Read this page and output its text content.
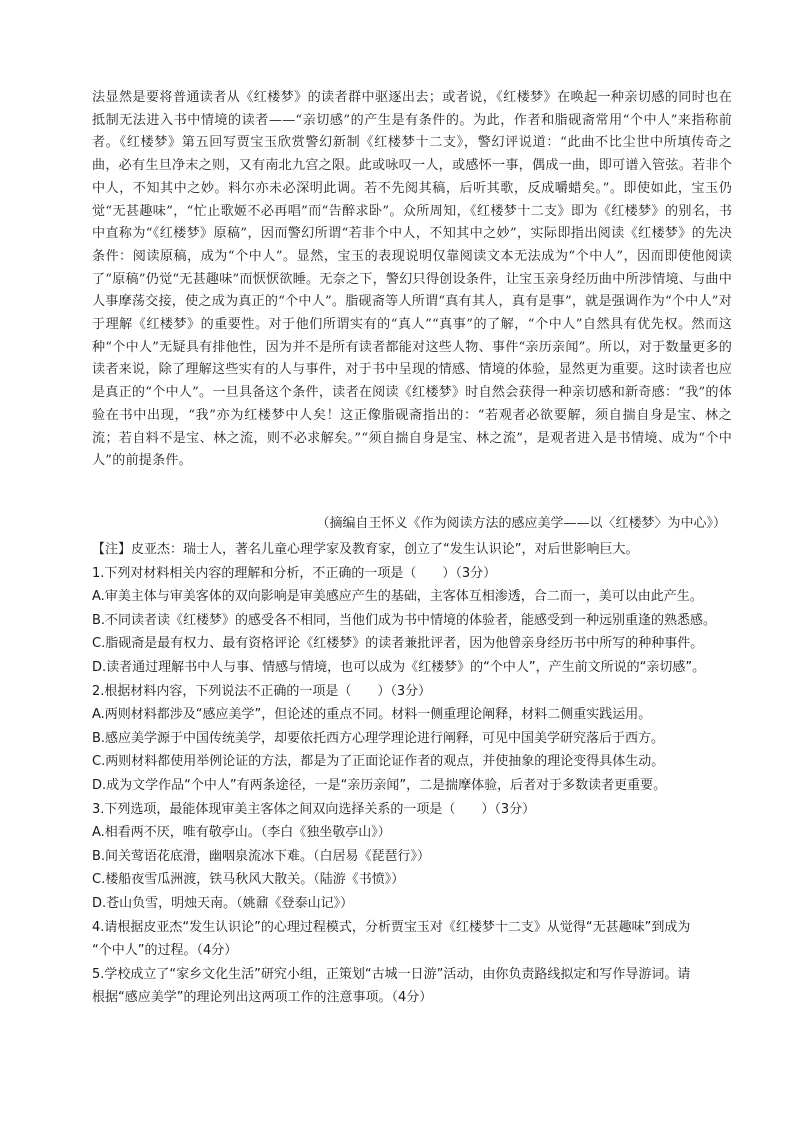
法显然是要将普通读者从《红楼梦》的读者群中驱逐出去；或者说，《红楼梦》在唤起一种亲切感的同时也在抵制无法进入书中情境的读者——“亲切感”的产生是有条件的。为此，作者和脂砚斋常用“个中人”来指称前者。《红楼梦》第五回写贾宝玉欣赏警幻新制《红楼梦十二支》，警幻评说道：“此曲不比尘世中所填传奇之曲，必有生旦净末之则，又有南北九宫之限。此或咏叹一人，或感怀一事，偶成一曲，即可谱入管弦。若非个中人，不知其中之妙。料尔亦未必深明此调。若不先阅其稿，后听其歌，反成嚼蜡矣。”。即使如此，宝玉仍觉“无甚趣味”，“忙止歌姬不必再唱”而“告醉求卧”。众所周知，《红楼梦十二支》即为《红楼梦》的别名，书中直称为“《红楼梦》原稿”，因而警幻所谓“若非个中人，不知其中之妙”，实际即指出阅读《红楼梦》的先决条件：阅读原稿，成为“个中人”。显然，宝玉的表现说明仅靠阅读文本无法成为“个中人”，因而即使他阅读了“原稿”仍觉“无甚趣味”而恹恹欲睡。无奈之下，警幻只得创设条件，让宝玉亲身经历曲中所涉情境、与曲中人事摩荡交接，使之成为真正的“个中人”。脂砚斋等人所谓“真有其人，真有是事”，就是强调作为“个中人”对于理解《红楼梦》的重要性。对于他们所谓实有的“真人”“真事”的了解，“个中人”自然具有优先权。然而这种“个中人”无疑具有排他性，因为并不是所有读者都能对这些人物、事件“亲历亲闻”。所以，对于数量更多的读者来说，除了理解这些实有的人与事件，对于书中呈现的情感、情境的体验，显然更为重要。这时读者也应是真正的“个中人”。一旦具备这个条件，读者在阅读《红楼梦》时自然会获得一种亲切感和新奇感：“我”的体验在书中出现，“我”亦为红楼梦中人矣！这正像脂砚斋指出的：“若观者必欲要解，须自揣自身是宝、林之流；若自料不是宝、林之流，则不必求解矣。”“须自揣自身是宝、林之流”，是观者进入是书情境、成为“个中人”的前提条件。

（摘编自王怀义《作为阅读方法的感应美学——以〈红楼梦〉为中心》）

【注】皮亚杰：瑞士人，著名儿童心理学家及教育家，创立了“发生认识论”，对后世影响巨大。

1.下列对材料相关内容的理解和分析，不正确的一项是（　　）（3分）

A.审美主体与审美客体的双向影响是审美感应产生的基础，主客体互相渗透，合二而一，美可以由此产生。

B.不同读者读《红楼梦》的感受各不相同，当他们成为书中情境的体验者，能感受到一种远别重逢的熟悉感。

C.脂砚斋是最有权力、最有资格评论《红楼梦》的读者兼批评者，因为他曾亲身经历书中所写的种种事件。

D.读者通过理解书中人与事、情感与情境，也可以成为《红楼梦》的“个中人”，产生前文所说的“亲切感”。

2.根据材料内容，下列说法不正确的一项是（　　）（3分）

A.两则材料都涉及“感应美学”，但论述的重点不同。材料一侧重理论阐释，材料二侧重实践运用。

B.感应美学源于中国传统美学，却要依托西方心理学理论进行阐释，可见中国美学研究落后于西方。

C.两则材料都使用举例论证的方法，都是为了正面论证作者的观点，并使抽象的理论变得具体生动。

D.成为文学作品“个中人”有两条途径，一是“亲历亲闻”，二是揣摩体验，后者对于多数读者更重要。

3.下列选项，最能体现审美主客体之间双向选择关系的一项是（　　）（3分）

A.相看两不厌，唯有敬亭山。（李白《独坐敬亭山》）

B.间关莺语花底滑，幽咽泉流冰下难。（白居易《琵琶行》）

C.楼船夜雪瓜洲渡，铁马秋风大散关。（陆游《书愤》）

D.苍山负雪，明烛天南。（姚鼐《登泰山记》）

4.请根据皮亚杰“发生认识论”的心理过程模式，分析贾宝玉对《红楼梦十二支》从觉得“无甚趣味”到成为

“个中人”的过程。（4分）

5.学校成立了“家乡文化生活”研究小组，正策划“古城一日游”活动，由你负责路线拟定和写作导游词。请

根据“感应美学”的理论列出这两项工作的注意事项。（4分）
